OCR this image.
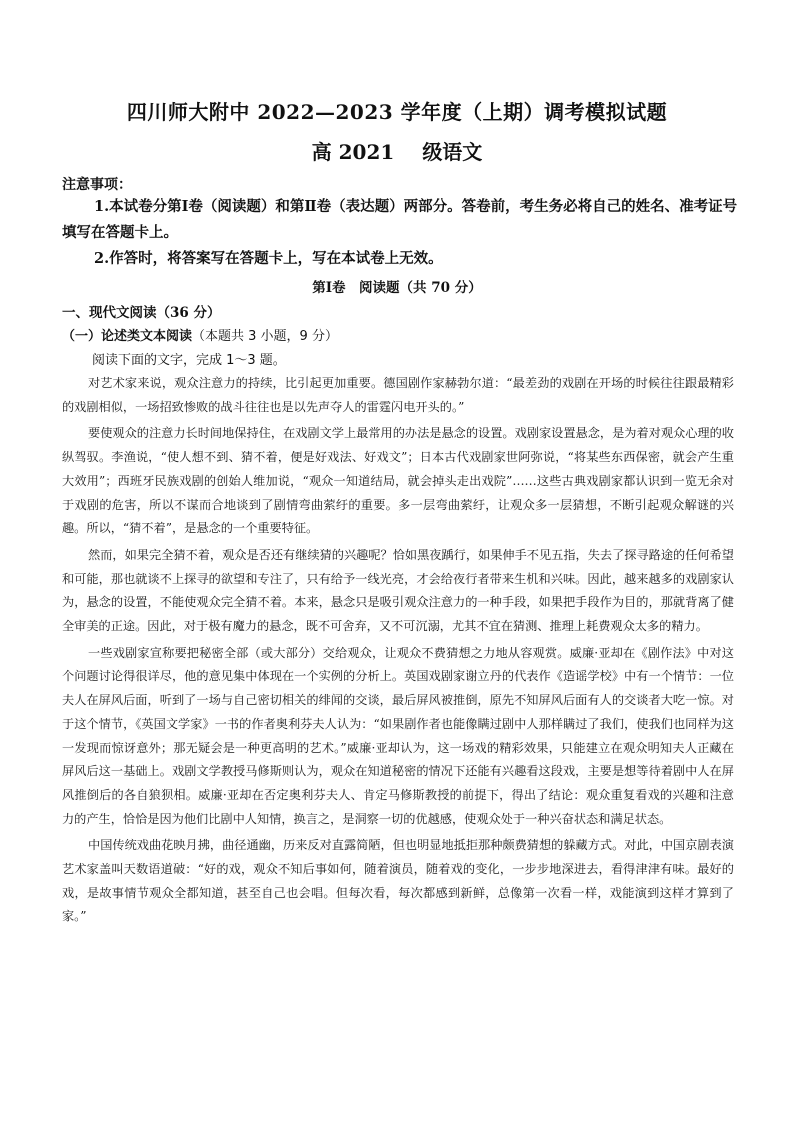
四川师大附中 2022—2023 学年度（上期）调考模拟试题
高 2021 级语文
注意事项：
1.本试卷分第Ⅰ卷（阅读题）和第Ⅱ卷（表达题）两部分。答卷前，考生务必将自己的姓名、准考证号填写在答题卡上。
2.作答时，将答案写在答题卡上，写在本试卷上无效。
第Ⅰ卷　阅读题（共 70 分）
一、现代文阅读（36 分）
（一）论述类文本阅读（本题共 3 小题，9 分）
阅读下面的文字，完成 1～3 题。

对艺术家来说，观众注意力的持续，比引起更加重要。德国剧作家赫勃尔道：“最差劲的戏剧在开场的时候往往跟最精彩的戏剧相似，一场招致惨败的战斗往往也是以先声夺人的雷霆闪电开头的。”

要使观众的注意力长时间地保持住，在戏剧文学上最常用的办法是悬念的设置。戏剧家设置悬念，是为着对观众心理的收纵驾驭。李渔说，“使人想不到、猜不着，便是好戏法、好戏文”；日本古代戏剧家世阿弥说，“将某些东西保密，就会产生重大效用”；西班牙民族戏剧的创始人维加说，“观众一知道结局，就会掉头走出戏院”……这些古典戏剧家都认识到一览无余对于戏剧的危害，所以不谋而合地谈到了剧情弯曲萦纡的重要。多一层弯曲萦纡，让观众多一层猜想，不断引起观众解谜的兴趣。所以，“猜不着”，是悬念的一个重要特征。

然而，如果完全猜不着，观众是否还有继续猜的兴趣呢？恰如黑夜踽行，如果伸手不见五指，失去了探寻路途的任何希望和可能，那也就谈不上探寻的欲望和专注了，只有给予一线光亮，才会给夜行者带来生机和兴味。因此，越来越多的戏剧家认为，悬念的设置，不能使观众完全猜不着。本来，悬念只是吸引观众注意力的一种手段，如果把手段作为目的，那就背离了健全审美的正途。因此，对于极有魔力的悬念，既不可舍弃，又不可沉溺，尤其不宜在猜测、推理上耗费观众太多的精力。

一些戏剧家宣称要把秘密全部（或大部分）交给观众，让观众不费猜想之力地从容观赏。威廉·亚却在《剧作法》中对这个问题讨论得很详尽，他的意见集中体现在一个实例的分析上。英国戏剧家谢立丹的代表作《造谣学校》中有一个情节：一位夫人在屏风后面，听到了一场与自己密切相关的绯闻的交谈，最后屏风被推倒，原先不知屏风后面有人的交谈者大吃一惊。对于这个情节，《英国文学家》一书的作者奥利芬夫人认为：“如果剧作者也能像瞒过剧中人那样瞒过了我们，使我们也同样为这一发现而惊讶意外；那无疑会是一种更高明的艺术。”威廉·亚却认为，这一场戏的精彩效果，只能建立在观众明知夫人正藏在屏风后这一基础上。戏剧文学教授马修斯则认为，观众在知道秘密的情况下还能有兴趣看这段戏，主要是想等待着剧中人在屏风推倒后的各自狼狈相。威廉·亚却在否定奥利芬夫人、肯定马修斯教授的前提下，得出了结论：观众重复看戏的兴趣和注意力的产生，恰恰是因为他们比剧中人知情，换言之，是洞察一切的优越感，使观众处于一种兴奋状态和满足状态。

中国传统戏曲花映月拂，曲径通幽，历来反对直露简陋，但也明显地抵拒那种颇费猜想的躲藏方式。对此，中国京剧表演艺术家盖叫天数语道破：“好的戏，观众不知后事如何，随着演员，随着戏的变化，一步步地深进去，看得津津有味。最好的戏，是故事情节观众全都知道，甚至自己也会唱。但每次看，每次都感到新鲜，总像第一次看一样，戏能演到这样才算到了家。”
